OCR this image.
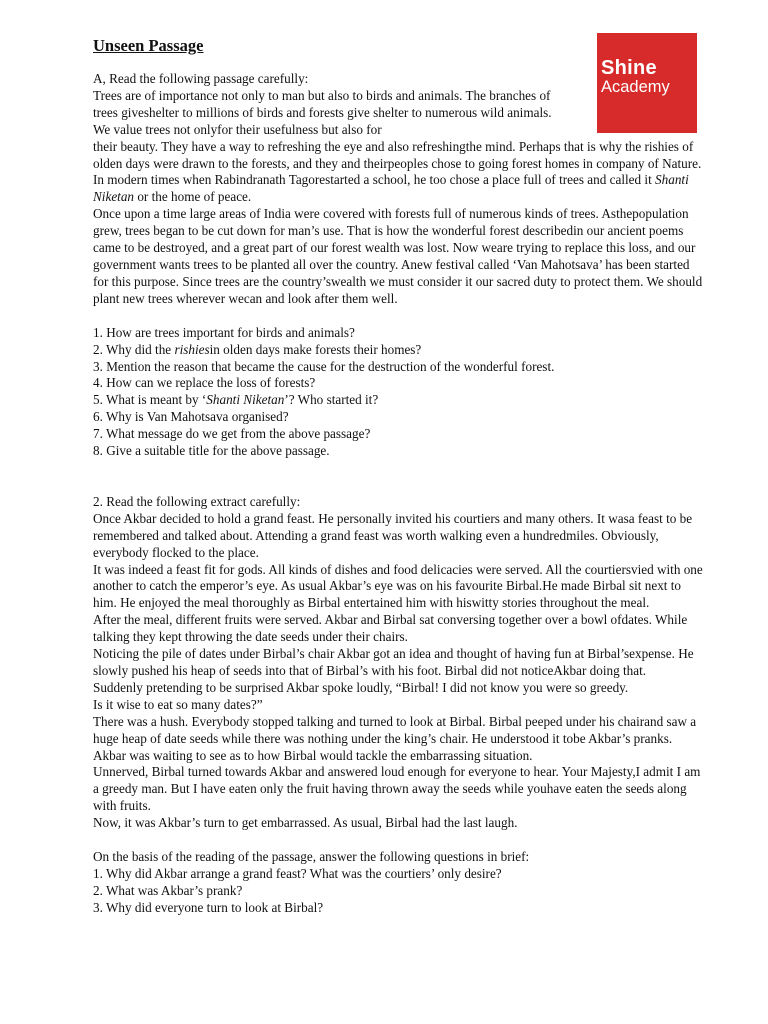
Shine
Academy
Unseen Passage

A, Read the following passage carefully:

Trees are of importance not only to man but also to birds and animals. The branches of trees giveshelter to millions of birds and forests give shelter to numerous wild animals. We value trees not onlyfor their usefulness but also for

their beauty. They have a way to refreshing the eye and also refreshingthe mind. Perhaps that is why the rishies of olden days were drawn to the forests, and they and theirpeoples chose to going forest homes in company of Nature. In modern times when Rabindranath Tagorestarted a school, he too chose a place full of trees and called it Shanti Niketan or the home of peace.

Once upon a time large areas of India were covered with forests full of numerous kinds of trees. Asthepopulation grew, trees began to be cut down for man’s use. That is how the wonderful forest describedin our ancient poems came to be destroyed, and a great part of our forest wealth was lost. Now weare trying to replace this loss, and our government wants trees to be planted all over the country. Anew festival called ‘Van Mahotsava’ has been started for this purpose. Since trees are the country’swealth we must consider it our sacred duty to protect them. We should plant new trees wherever wecan and look after them well.

1. How are trees important for birds and animals?

2. Why did the rishiesin olden days make forests their homes?

3. Mention the reason that became the cause for the destruction of the wonderful forest.

4. How can we replace the loss of forests?

5. What is meant by ‘Shanti Niketan’? Who started it?

6. Why is Van Mahotsava organised?

7. What message do we get from the above passage?

8. Give a suitable title for the above passage.

2. Read the following extract carefully:

Once Akbar decided to hold a grand feast. He personally invited his courtiers and many others. It wasa feast to be remembered and talked about. Attending a grand feast was worth walking even a hundredmiles. Obviously, everybody flocked to the place.

It was indeed a feast fit for gods. All kinds of dishes and food delicacies were served. All the courtiersvied with one another to catch the emperor’s eye. As usual Akbar’s eye was on his favourite Birbal.He made Birbal sit next to him. He enjoyed the meal thoroughly as Birbal entertained him with hiswitty stories throughout the meal.

After the meal, different fruits were served. Akbar and Birbal sat conversing together over a bowl ofdates. While talking they kept throwing the date seeds under their chairs.

Noticing the pile of dates under Birbal’s chair Akbar got an idea and thought of having fun at Birbal’sexpense. He slowly pushed his heap of seeds into that of Birbal’s with his foot. Birbal did not noticeAkbar doing that.

Suddenly pretending to be surprised Akbar spoke loudly, “Birbal! I did not know you were so greedy.

Is it wise to eat so many dates?”

There was a hush. Everybody stopped talking and turned to look at Birbal. Birbal peeped under his chairand saw a huge heap of date seeds while there was nothing under the king’s chair. He understood it tobe Akbar’s pranks. Akbar was waiting to see as to how Birbal would tackle the embarrassing situation.

Unnerved, Birbal turned towards Akbar and answered loud enough for everyone to hear. Your Majesty,I admit I am a greedy man. But I have eaten only the fruit having thrown away the seeds while youhave eaten the seeds along with fruits.

Now, it was Akbar’s turn to get embarrassed. As usual, Birbal had the last laugh.

On the basis of the reading of the passage, answer the following questions in brief:

1. Why did Akbar arrange a grand feast? What was the courtiers’ only desire?

2. What was Akbar’s prank?

3. Why did everyone turn to look at Birbal?
